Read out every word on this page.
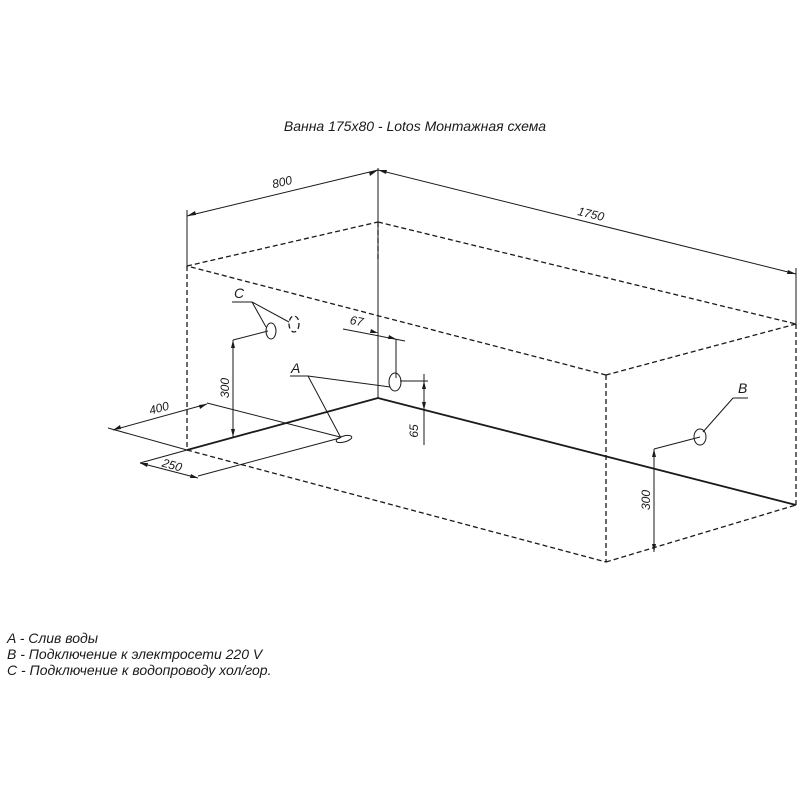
Ванна 175x80 - Lotos Монтажная схема
800
1750
400
250
300
67
65
300
C
A
B
A - Слив воды
B - Подключение к электросети 220 V
C - Подключение к водопроводу хол/гор.
